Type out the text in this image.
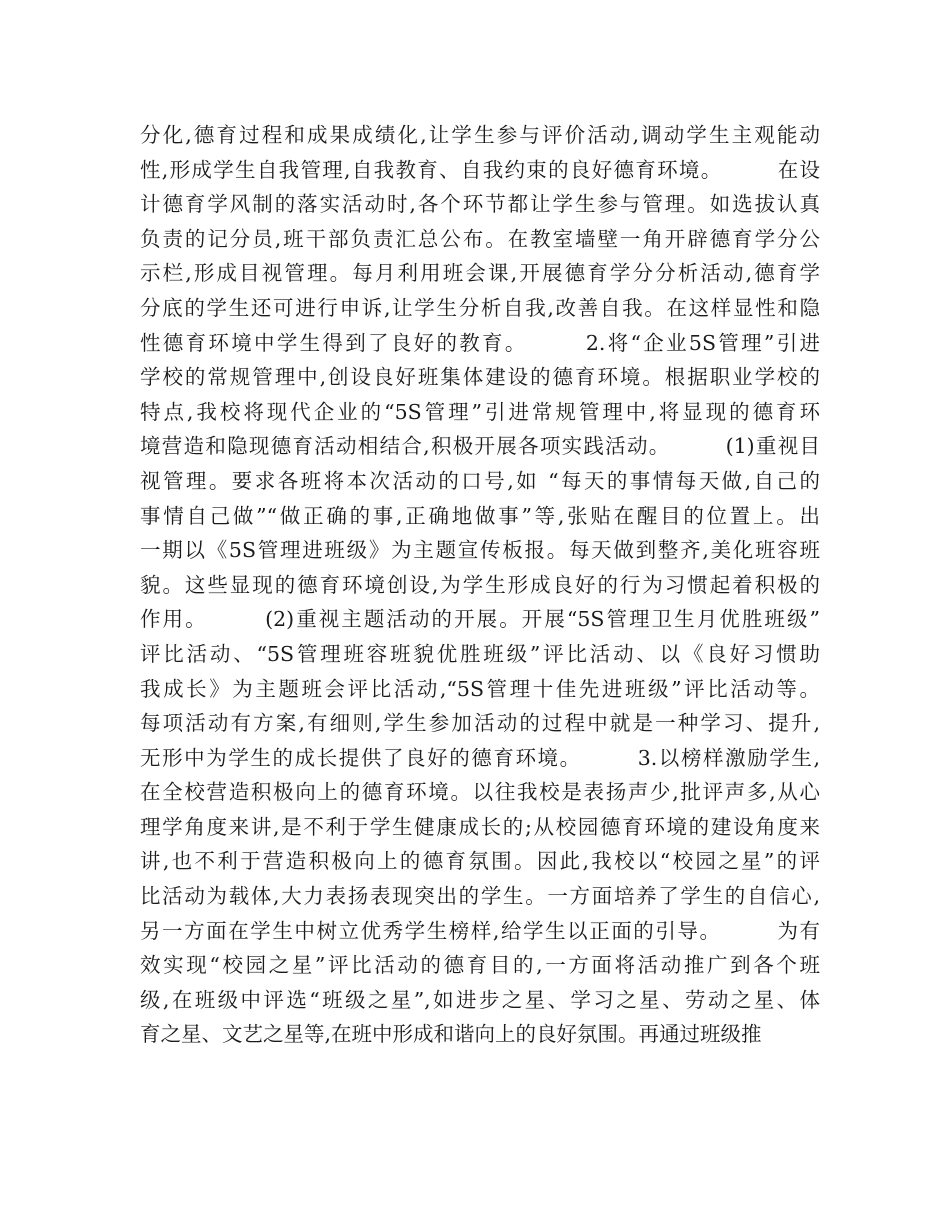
分化,德育过程和成果成绩化,让学生参与评价活动,调动学生主观能动
性,形成学生自我管理,自我教育、自我约束的良好德育环境。　　　在设
计德育学风制的落实活动时,各个环节都让学生参与管理。如选拔认真
负责的记分员,班干部负责汇总公布。在教室墙壁一角开辟德育学分公
示栏,形成目视管理。每月利用班会课,开展德育学分分析活动,德育学
分底的学生还可进行申诉,让学生分析自我,改善自我。在这样显性和隐
性德育环境中学生得到了良好的教育。　　　2.将“企业5S管理”引进
学校的常规管理中,创设良好班集体建设的德育环境。根据职业学校的
特点,我校将现代企业的“5S管理”引进常规管理中,将显现的德育环
境营造和隐现德育活动相结合,积极开展各项实践活动。　　　(1)重视目
视管理。要求各班将本次活动的口号,如 “每天的事情每天做,自己的
事情自己做”“做正确的事,正确地做事”等,张贴在醒目的位置上。出
一期以《5S管理进班级》为主题宣传板报。每天做到整齐,美化班容班
貌。这些显现的德育环境创设,为学生形成良好的行为习惯起着积极的
作用。　　　(2)重视主题活动的开展。开展“5S管理卫生月优胜班级”
评比活动、“5S管理班容班貌优胜班级”评比活动、以《良好习惯助
我成长》为主题班会评比活动,“5S管理十佳先进班级”评比活动等。
每项活动有方案,有细则,学生参加活动的过程中就是一种学习、提升,
无形中为学生的成长提供了良好的德育环境。　　　3.以榜样激励学生,
在全校营造积极向上的德育环境。以往我校是表扬声少,批评声多,从心
理学角度来讲,是不利于学生健康成长的;从校园德育环境的建设角度来
讲,也不利于营造积极向上的德育氛围。因此,我校以“校园之星”的评
比活动为载体,大力表扬表现突出的学生。一方面培养了学生的自信心,
另一方面在学生中树立优秀学生榜样,给学生以正面的引导。　　　为有
效实现“校园之星”评比活动的德育目的,一方面将活动推广到各个班
级,在班级中评选“班级之星”,如进步之星、学习之星、劳动之星、体
育之星、文艺之星等,在班中形成和谐向上的良好氛围。再通过班级推
